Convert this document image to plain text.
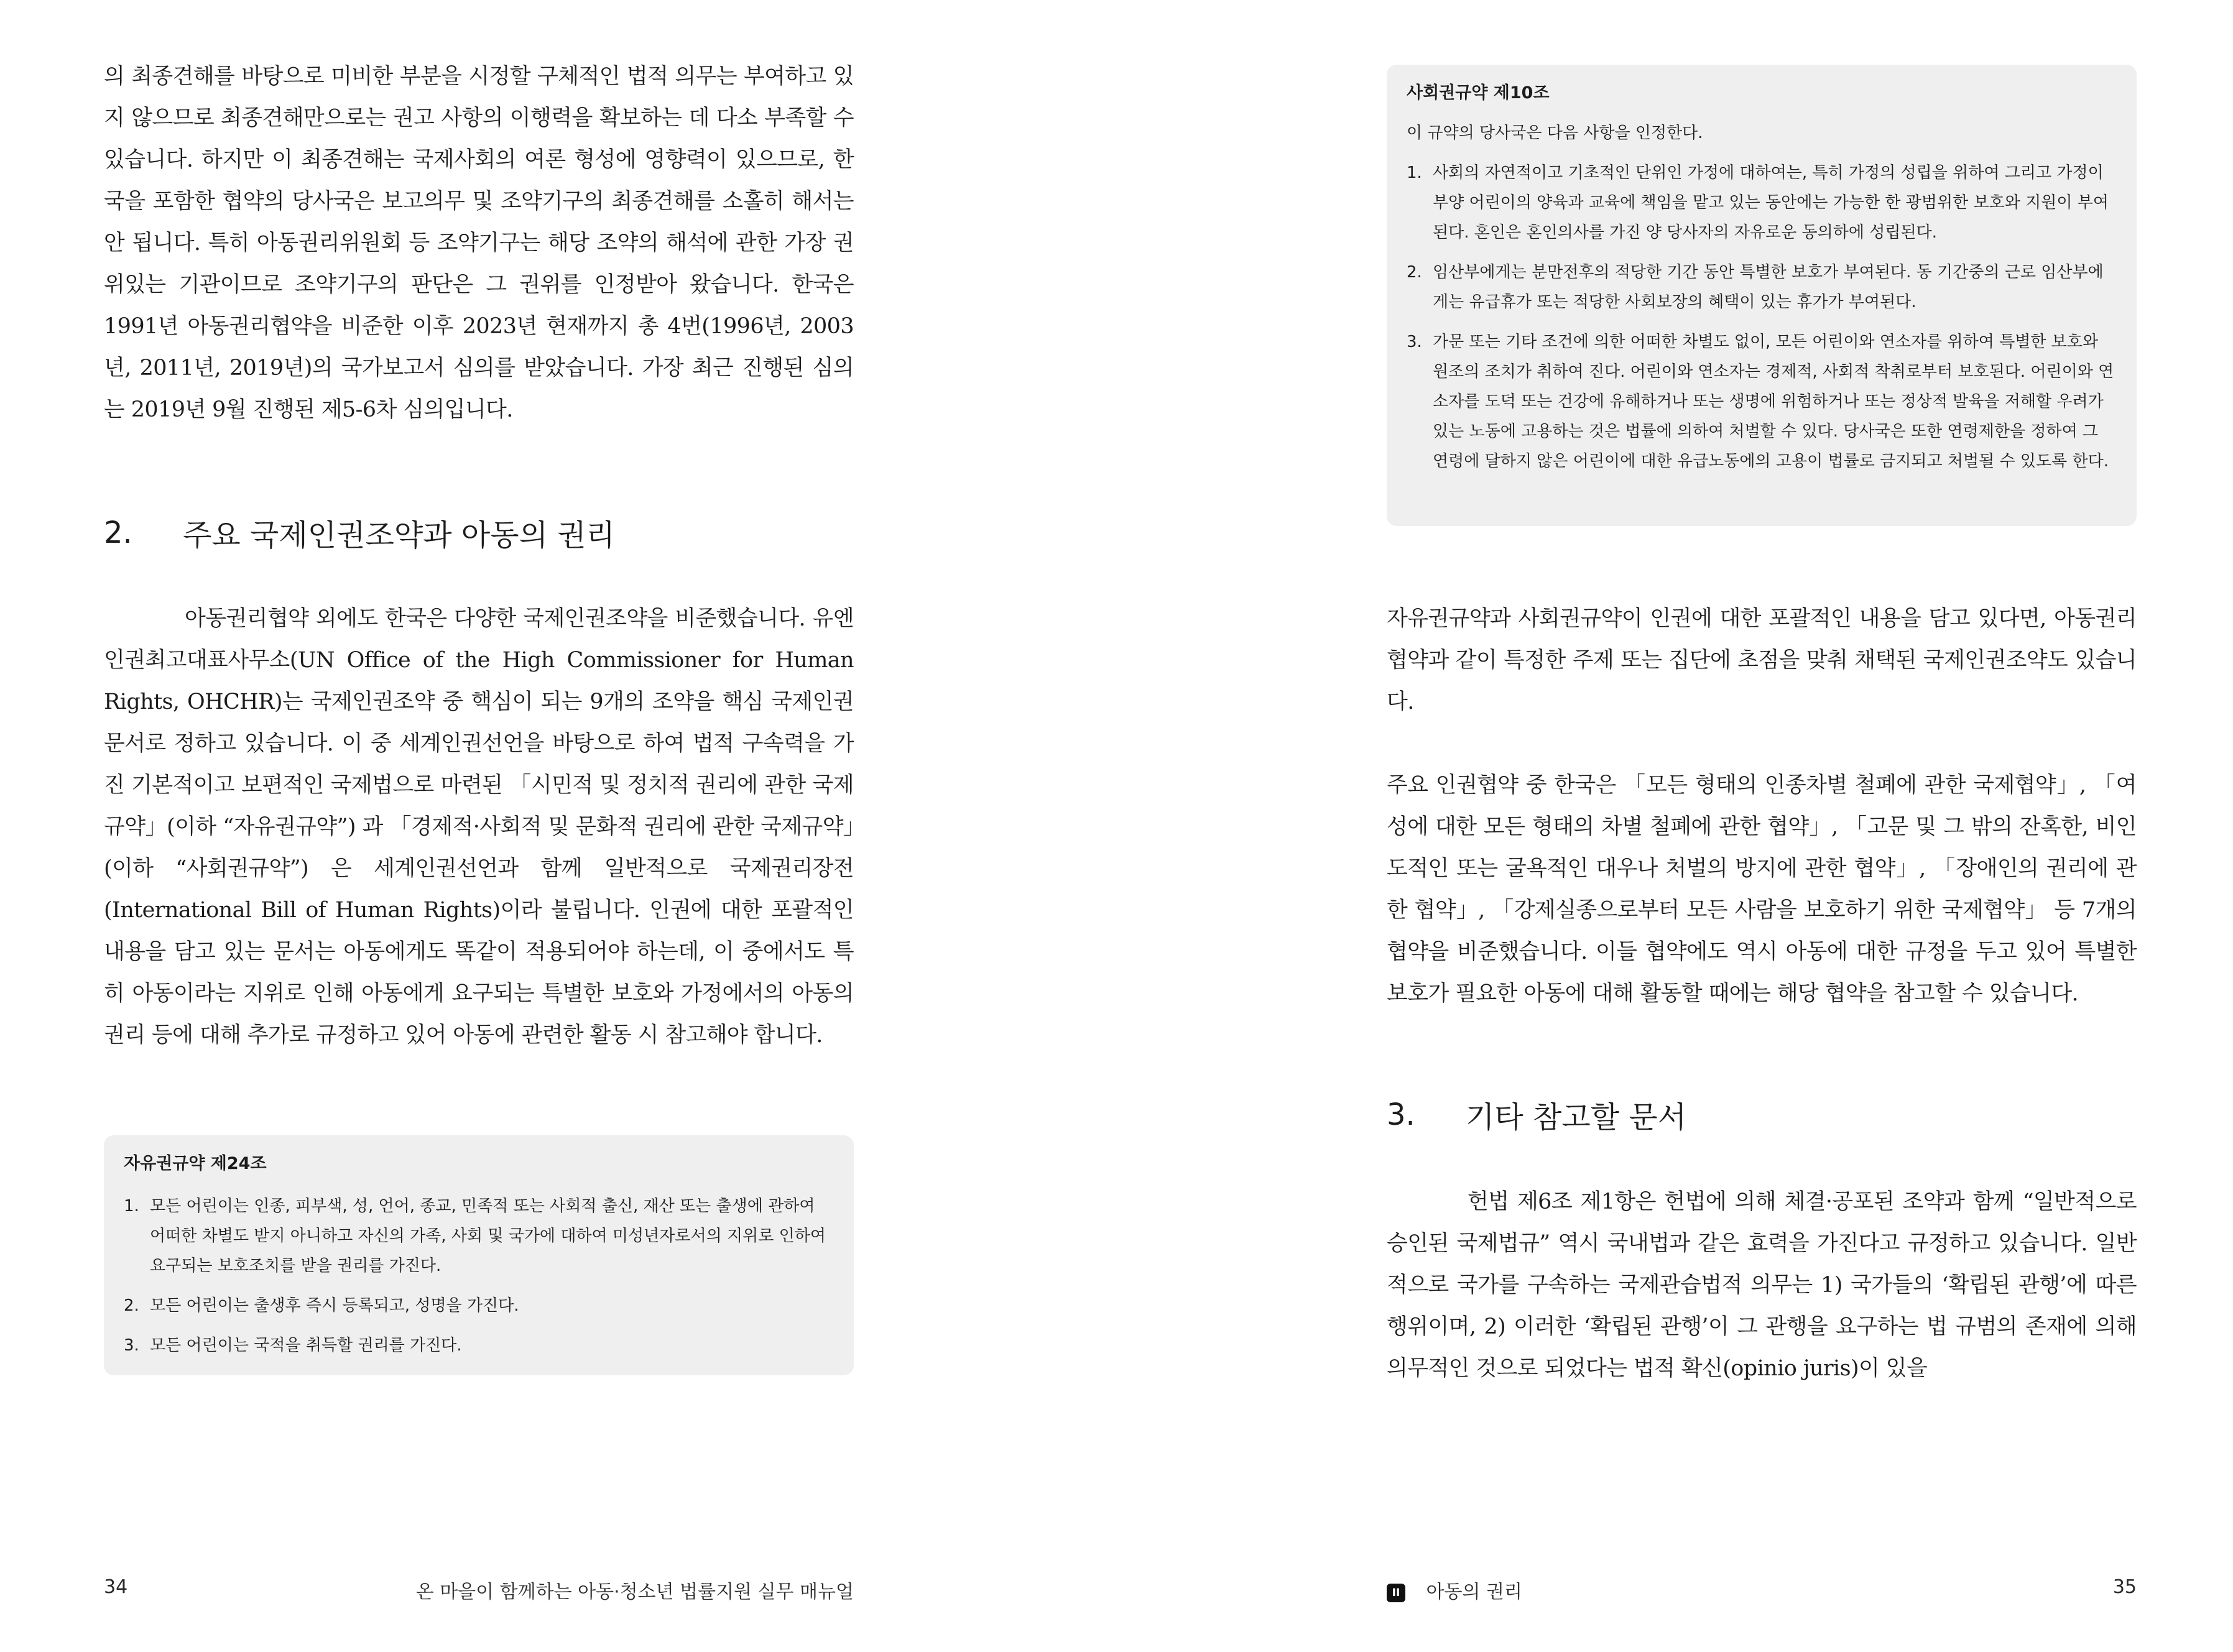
의 최종견해를 바탕으로 미비한 부분을 시정할 구체적인 법적 의무는 부여하고 있지 않으므로 최종견해만으로는 권고 사항의 이행력을 확보하는 데 다소 부족할 수 있습니다. 하지만 이 최종견해는 국제사회의 여론 형성에 영향력이 있으므로, 한국을 포함한 협약의 당사국은 보고의무 및 조약기구의 최종견해를 소홀히 해서는 안 됩니다. 특히 아동권리위원회 등 조약기구는 해당 조약의 해석에 관한 가장 권위있는 기관이므로 조약기구의 판단은 그 권위를 인정받아 왔습니다. 한국은 1991년 아동권리협약을 비준한 이후 2023년 현재까지 총 4번(1996년, 2003년, 2011년, 2019년)의 국가보고서 심의를 받았습니다. 가장 최근 진행된 심의는 2019년 9월 진행된 제5-6차 심의입니다.

2.	주요 국제인권조약과 아동의 권리

아동권리협약 외에도 한국은 다양한 국제인권조약을 비준했습니다. 유엔 인권최고대표사무소(UN Office of the High Commissioner for Human Rights, OHCHR)는 국제인권조약 중 핵심이 되는 9개의 조약을 핵심 국제인권문서로 정하고 있습니다. 이 중 세계인권선언을 바탕으로 하여 법적 구속력을 가진 기본적이고 보편적인 국제법으로 마련된 「시민적 및 정치적 권리에 관한 국제규약」(이하 “자유권규약”) 과 「경제적·사회적 및 문화적 권리에 관한 국제규약」(이하 “사회권규약”) 은 세계인권선언과 함께 일반적으로 국제권리장전(International Bill of Human Rights)이라 불립니다. 인권에 대한 포괄적인 내용을 담고 있는 문서는 아동에게도 똑같이 적용되어야 하는데, 이 중에서도 특히 아동이라는 지위로 인해 아동에게 요구되는 특별한 보호와 가정에서의 아동의 권리 등에 대해 추가로 규정하고 있어 아동에 관련한 활동 시 참고해야 합니다.

자유권규약 제24조
1. 모든 어린이는 인종, 피부색, 성, 언어, 종교, 민족적 또는 사회적 출신, 재산 또는 출생에 관하여 어떠한 차별도 받지 아니하고 자신의 가족, 사회 및 국가에 대하여 미성년자로서의 지위로 인하여 요구되는 보호조치를 받을 권리를 가진다.
2. 모든 어린이는 출생후 즉시 등록되고, 성명을 가진다.
3. 모든 어린이는 국적을 취득할 권리를 가진다.
34	온 마을이 함께하는 아동·청소년 법률지원 실무 매뉴얼
사회권규약 제10조
이 규약의 당사국은 다음 사항을 인정한다.
1. 사회의 자연적이고 기초적인 단위인 가정에 대하여는, 특히 가정의 성립을 위하여 그리고 가정이 부양 어린이의 양육과 교육에 책임을 맡고 있는 동안에는 가능한 한 광범위한 보호와 지원이 부여된다. 혼인은 혼인의사를 가진 양 당사자의 자유로운 동의하에 성립된다.
2. 임산부에게는 분만전후의 적당한 기간 동안 특별한 보호가 부여된다. 동 기간중의 근로 임산부에게는 유급휴가 또는 적당한 사회보장의 혜택이 있는 휴가가 부여된다.
3. 가문 또는 기타 조건에 의한 어떠한 차별도 없이, 모든 어린이와 연소자를 위하여 특별한 보호와 원조의 조치가 취하여 진다. 어린이와 연소자는 경제적, 사회적 착취로부터 보호된다. 어린이와 연소자를 도덕 또는 건강에 유해하거나 또는 생명에 위험하거나 또는 정상적 발육을 저해할 우려가 있는 노동에 고용하는 것은 법률에 의하여 처벌할 수 있다. 당사국은 또한 연령제한을 정하여 그 연령에 달하지 않은 어린이에 대한 유급노동에의 고용이 법률로 금지되고 처벌될 수 있도록 한다.

자유권규약과 사회권규약이 인권에 대한 포괄적인 내용을 담고 있다면, 아동권리협약과 같이 특정한 주제 또는 집단에 초점을 맞춰 채택된 국제인권조약도 있습니다.

주요 인권협약 중 한국은 「모든 형태의 인종차별 철폐에 관한 국제협약」, 「여성에 대한 모든 형태의 차별 철폐에 관한 협약」, 「고문 및 그 밖의 잔혹한, 비인도적인 또는 굴욕적인 대우나 처벌의 방지에 관한 협약」, 「장애인의 권리에 관한 협약」, 「강제실종으로부터 모든 사람을 보호하기 위한 국제협약」 등 7개의 협약을 비준했습니다. 이들 협약에도 역시 아동에 대한 규정을 두고 있어 특별한 보호가 필요한 아동에 대해 활동할 때에는 해당 협약을 참고할 수 있습니다.

3.	기타 참고할 문서

헌법 제6조 제1항은 헌법에 의해 체결·공포된 조약과 함께 “일반적으로 승인된 국제법규” 역시 국내법과 같은 효력을 가진다고 규정하고 있습니다. 일반적으로 국가를 구속하는 국제관습법적 의무는 1) 국가들의 ‘확립된 관행’에 따른 행위이며, 2) 이러한 ‘확립된 관행’이 그 관행을 요구하는 법 규범의 존재에 의해 의무적인 것으로 되었다는 법적 확신(opinio juris)이 있을

II 아동의 권리	35
